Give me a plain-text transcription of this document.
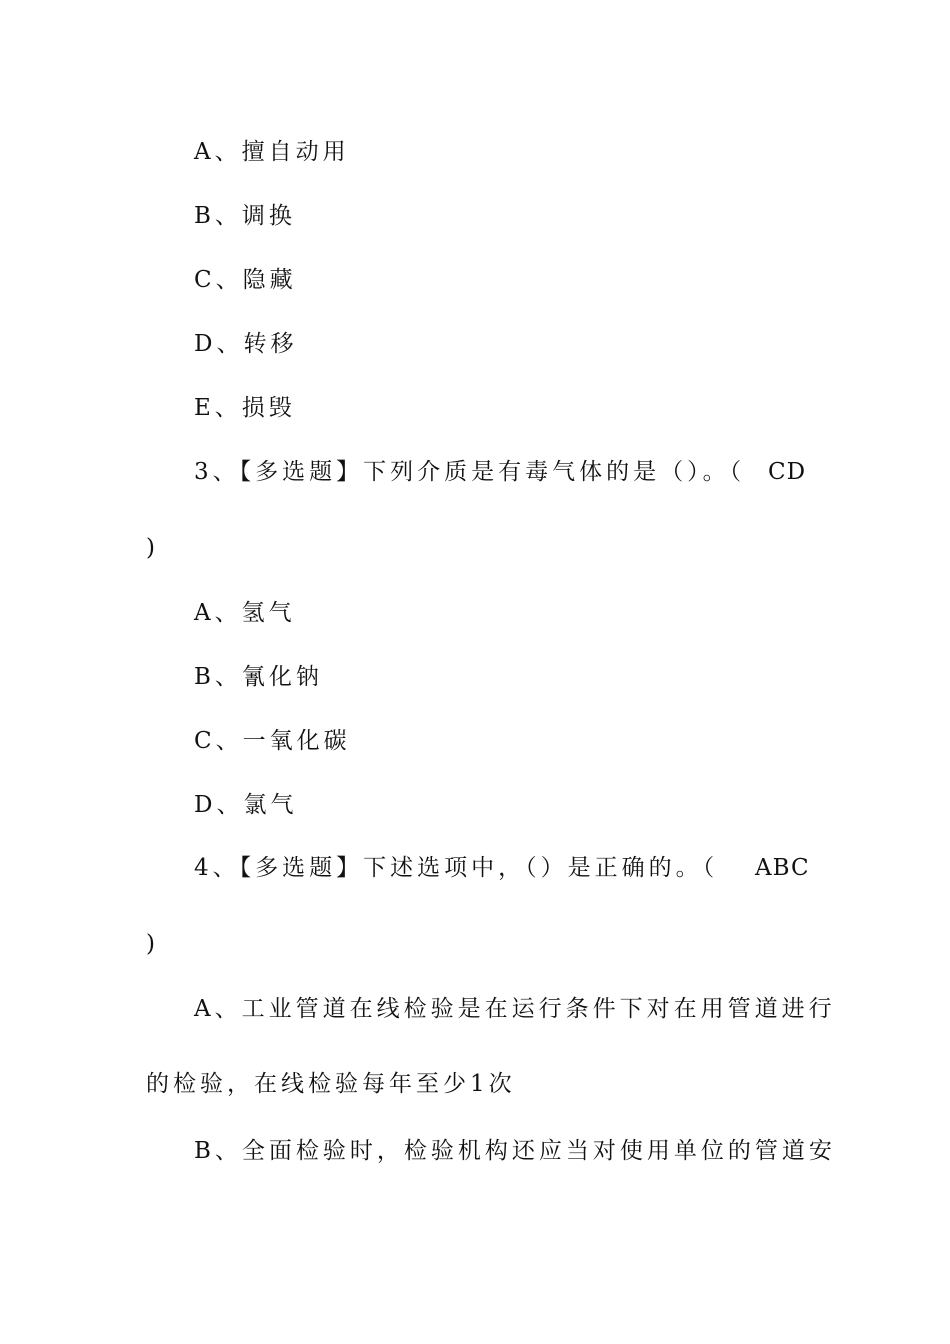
A、擅自动用
B、调换
C、隐藏
D、转移
E、损毁
3、【多选题】下列介质是有毒气体的是（）。（ CD
)
A、氢气
B、氰化钠
C、一氧化碳
D、氯气
4、【多选题】下述选项中，（）是正确的。（ ABC
)
A、工业管道在线检验是在运行条件下对在用管道进行
的检验，在线检验每年至少1次
B、全面检验时，检验机构还应当对使用单位的管道安
